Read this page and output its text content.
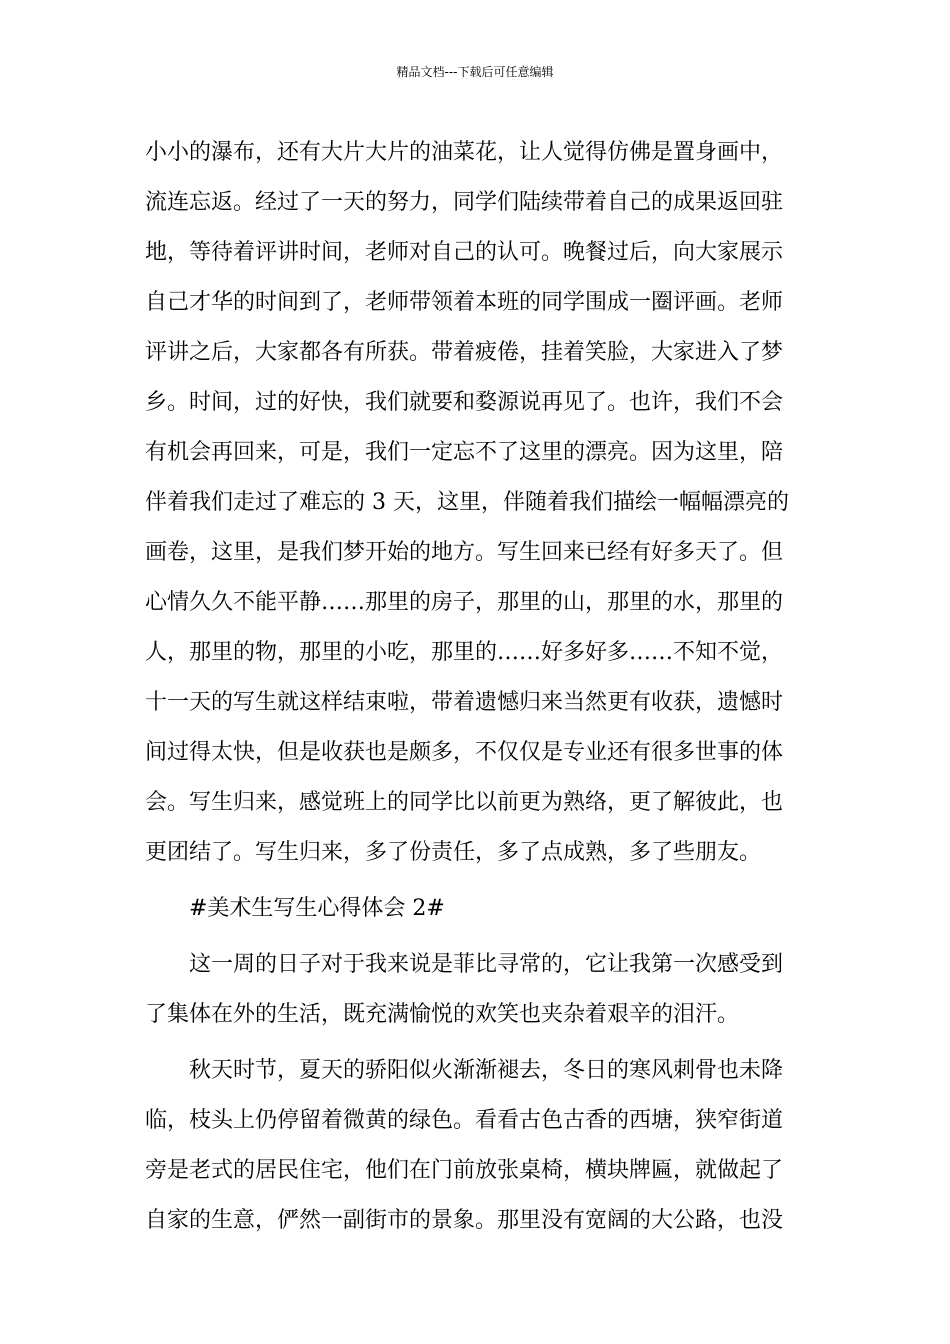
精品文档---下载后可任意编辑
小小的瀑布，还有大片大片的油菜花，让人觉得仿佛是置身画中，
流连忘返。经过了一天的努力，同学们陆续带着自己的成果返回驻
地，等待着评讲时间，老师对自己的认可。晚餐过后，向大家展示
自己才华的时间到了，老师带领着本班的同学围成一圈评画。老师
评讲之后，大家都各有所获。带着疲倦，挂着笑脸，大家进入了梦
乡。时间，过的好快，我们就要和婺源说再见了。也许，我们不会
有机会再回来，可是，我们一定忘不了这里的漂亮。因为这里，陪
伴着我们走过了难忘的 3 天，这里，伴随着我们描绘一幅幅漂亮的
画卷，这里，是我们梦开始的地方。写生回来已经有好多天了。但
心情久久不能平静……那里的房子，那里的山，那里的水，那里的
人，那里的物，那里的小吃，那里的……好多好多……不知不觉，
十一天的写生就这样结束啦，带着遗憾归来当然更有收获，遗憾时
间过得太快，但是收获也是颇多，不仅仅是专业还有很多世事的体
会。写生归来，感觉班上的同学比以前更为熟络，更了解彼此，也
更团结了。写生归来，多了份责任，多了点成熟，多了些朋友。
#美术生写生心得体会 2#
这一周的日子对于我来说是菲比寻常的，它让我第一次感受到
了集体在外的生活，既充满愉悦的欢笑也夹杂着艰辛的泪汗。
秋天时节，夏天的骄阳似火渐渐褪去，冬日的寒风刺骨也未降
临，枝头上仍停留着微黄的绿色。看看古色古香的西塘，狭窄街道
旁是老式的居民住宅，他们在门前放张桌椅，横块牌匾，就做起了
自家的生意，俨然一副街市的景象。那里没有宽阔的大公路，也没
